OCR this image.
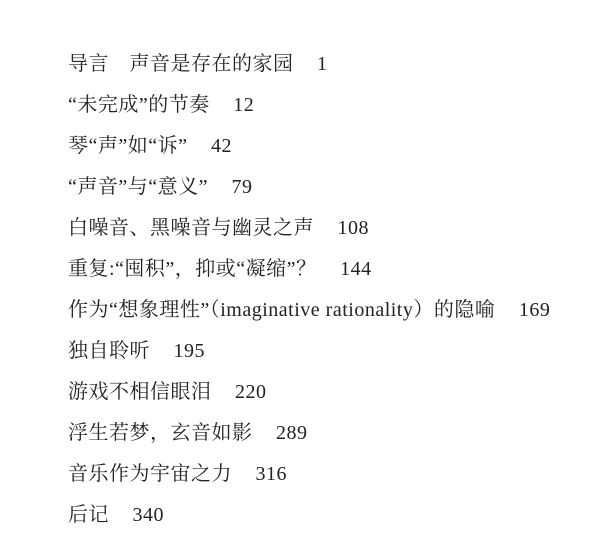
导言　声音是存在的家园 1
“未完成”的节奏 12
琴“声”如“诉” 42
“声音”与“意义” 79
白噪音、黑噪音与幽灵之声 108
重复:“囤积”，抑或“凝缩”？ 144
作为“想象理性”（imaginative rationality）的隐喻 169
独自聆听 195
游戏不相信眼泪 220
浮生若梦，玄音如影 289
音乐作为宇宙之力 316
后记 340
